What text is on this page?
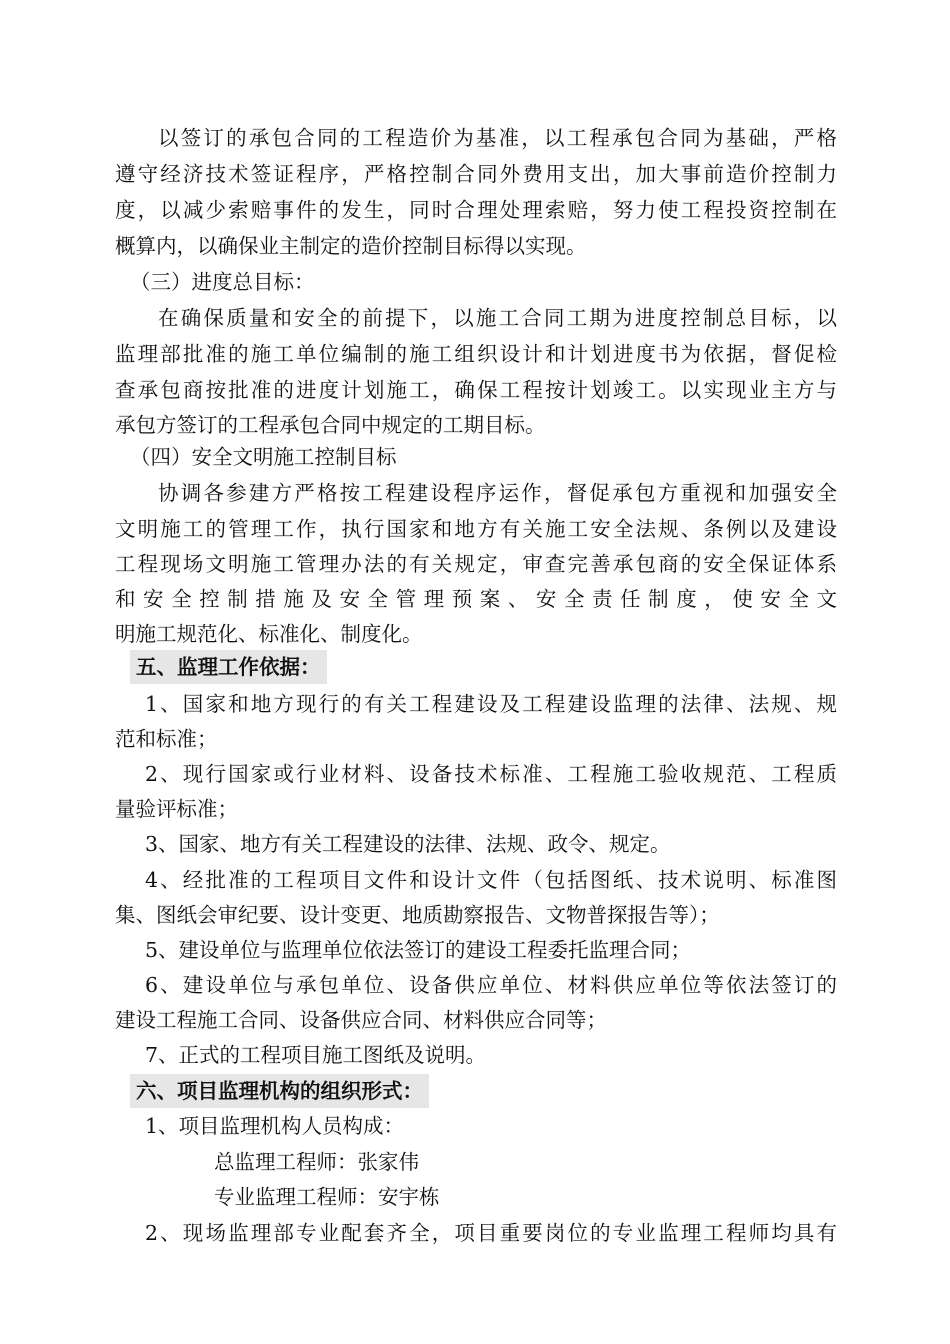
以签订的承包合同的工程造价为基准，以工程承包合同为基础，严格
遵守经济技术签证程序，严格控制合同外费用支出，加大事前造价控制力
度，以减少索赔事件的发生，同时合理处理索赔，努力使工程投资控制在
概算内，以确保业主制定的造价控制目标得以实现。
（三）进度总目标：
在确保质量和安全的前提下，以施工合同工期为进度控制总目标，以
监理部批准的施工单位编制的施工组织设计和计划进度书为依据，督促检
查承包商按批准的进度计划施工，确保工程按计划竣工。以实现业主方与
承包方签订的工程承包合同中规定的工期目标。
（四）安全文明施工控制目标
协调各参建方严格按工程建设程序运作，督促承包方重视和加强安全
文明施工的管理工作，执行国家和地方有关施工安全法规、条例以及建设
工程现场文明施工管理办法的有关规定，审查完善承包商的安全保证体系
和安全控制措施及安全管理预案、安全责任制度，使安全文
明施工规范化、标准化、制度化。
五、监理工作依据：
1、国家和地方现行的有关工程建设及工程建设监理的法律、法规、规
范和标准；
2、现行国家或行业材料、设备技术标准、工程施工验收规范、工程质
量验评标准；
3、国家、地方有关工程建设的法律、法规、政令、规定。
4、经批准的工程项目文件和设计文件（包括图纸、技术说明、标准图
集、图纸会审纪要、设计变更、地质勘察报告、文物普探报告等）；
5、建设单位与监理单位依法签订的建设工程委托监理合同；
6、建设单位与承包单位、设备供应单位、材料供应单位等依法签订的
建设工程施工合同、设备供应合同、材料供应合同等；
7、正式的工程项目施工图纸及说明。
六、项目监理机构的组织形式：
1、项目监理机构人员构成：
总监理工程师：张家伟
专业监理工程师：安宇栋
2、现场监理部专业配套齐全，项目重要岗位的专业监理工程师均具有
